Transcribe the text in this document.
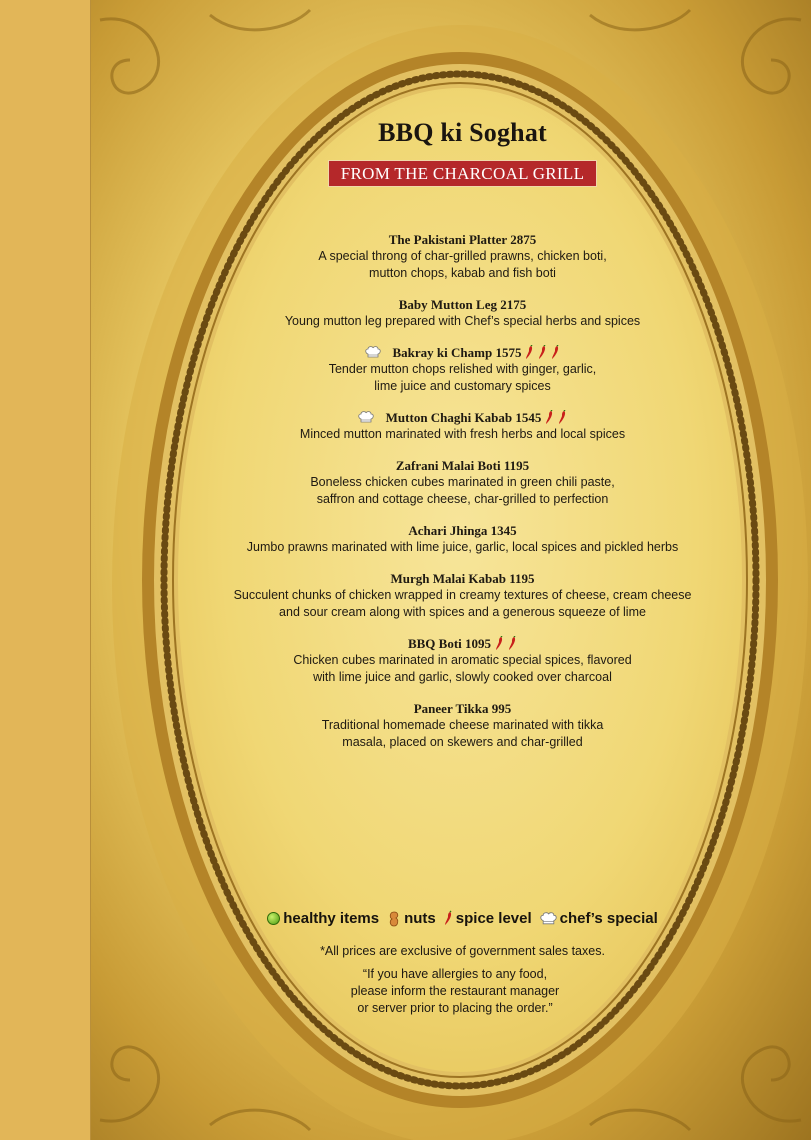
BBQ ki Soghat
FROM THE CHARCOAL GRILL
The Pakistani Platter 2875
A special throng of char-grilled prawns, chicken boti,
mutton chops, kabab and fish boti
Baby Mutton Leg 2175
Young mutton leg prepared with Chef’s special herbs and spices
Bakray ki Champ 1575
Tender mutton chops relished with ginger, garlic,
lime juice and customary spices
Mutton Chaghi Kabab 1545
Minced mutton marinated with fresh herbs and local spices
Zafrani Malai Boti 1195
Boneless chicken cubes marinated in green chili paste,
saffron and cottage cheese, char-grilled to perfection
Achari Jhinga 1345
Jumbo prawns marinated with lime juice, garlic, local spices and pickled herbs
Murgh Malai Kabab 1195
Succulent chunks of chicken wrapped in creamy textures of cheese, cream cheese
and sour cream along with spices and a generous squeeze of lime
BBQ Boti 1095
Chicken cubes marinated in aromatic special spices, flavored
with lime juice and garlic, slowly cooked over charcoal
Paneer Tikka 995
Traditional homemade cheese marinated with tikka
masala, placed on skewers and char-grilled
healthy items nuts spice level chef’s special
*All prices are exclusive of government sales taxes.
“If you have allergies to any food,
please inform the restaurant manager
or server prior to placing the order.”
